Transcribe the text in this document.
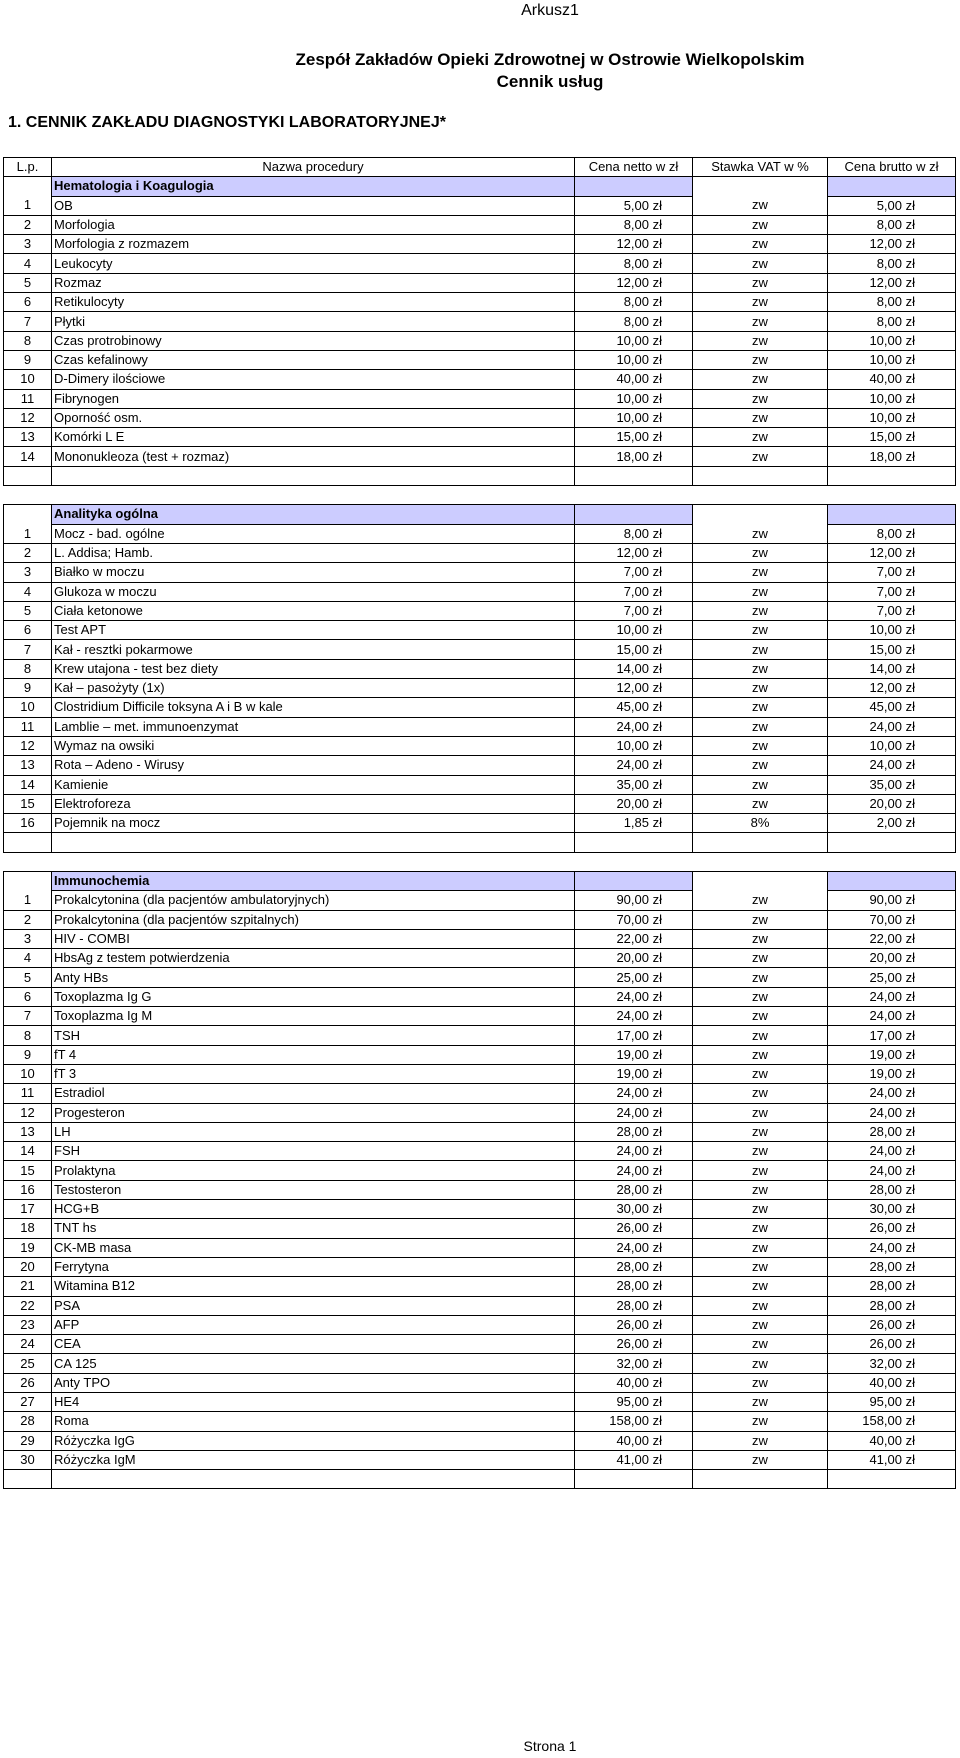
Arkusz1
Zespół Zakładów Opieki Zdrowotnej w Ostrowie Wielkopolskim
Cennik usług
1. CENNIK ZAKŁADU DIAGNOSTYKI LABORATORYJNEJ*
L.p.	Nazwa procedury	Cena netto w zł	Stawka VAT w %	Cena brutto w zł
	Hematologia i Koagulogia			
1	OB	5,00 zł	zw	5,00 zł
2	Morfologia	8,00 zł	zw	8,00 zł
3	Morfologia z rozmazem	12,00 zł	zw	12,00 zł
4	Leukocyty	8,00 zł	zw	8,00 zł
5	Rozmaz	12,00 zł	zw	12,00 zł
6	Retikulocyty	8,00 zł	zw	8,00 zł
7	Płytki	8,00 zł	zw	8,00 zł
8	Czas protrobinowy	10,00 zł	zw	10,00 zł
9	Czas kefalinowy	10,00 zł	zw	10,00 zł
10	D-Dimery ilościowe	40,00 zł	zw	40,00 zł
11	Fibrynogen	10,00 zł	zw	10,00 zł
12	Oporność osm.	10,00 zł	zw	10,00 zł
13	Komórki L E	15,00 zł	zw	15,00 zł
14	Mononukleoza (test + rozmaz)	18,00 zł	zw	18,00 zł

	Analityka ogólna			
1	Mocz - bad. ogólne	8,00 zł	zw	8,00 zł
2	L. Addisa; Hamb.	12,00 zł	zw	12,00 zł
3	Białko w moczu	7,00 zł	zw	7,00 zł
4	Glukoza w moczu	7,00 zł	zw	7,00 zł
5	Ciała ketonowe	7,00 zł	zw	7,00 zł
6	Test APT	10,00 zł	zw	10,00 zł
7	Kał - resztki pokarmowe	15,00 zł	zw	15,00 zł
8	Krew utajona - test bez diety	14,00 zł	zw	14,00 zł
9	Kał – pasożyty (1x)	12,00 zł	zw	12,00 zł
10	Clostridium Difficile toksyna A i B w kale	45,00 zł	zw	45,00 zł
11	Lamblie – met. immunoenzymat	24,00 zł	zw	24,00 zł
12	Wymaz na owsiki	10,00 zł	zw	10,00 zł
13	Rota – Adeno - Wirusy	24,00 zł	zw	24,00 zł
14	Kamienie	35,00 zł	zw	35,00 zł
15	Elektroforeza	20,00 zł	zw	20,00 zł
16	Pojemnik na mocz	1,85 zł	8%	2,00 zł

	Immunochemia			
1	Prokalcytonina (dla pacjentów ambulatoryjnych)	90,00 zł	zw	90,00 zł
2	Prokalcytonina (dla pacjentów szpitalnych)	70,00 zł	zw	70,00 zł
3	HIV - COMBI	22,00 zł	zw	22,00 zł
4	HbsAg z testem potwierdzenia	20,00 zł	zw	20,00 zł
5	Anty HBs	25,00 zł	zw	25,00 zł
6	Toxoplazma Ig G	24,00 zł	zw	24,00 zł
7	Toxoplazma Ig M	24,00 zł	zw	24,00 zł
8	TSH	17,00 zł	zw	17,00 zł
9	fT 4	19,00 zł	zw	19,00 zł
10	fT 3	19,00 zł	zw	19,00 zł
11	Estradiol	24,00 zł	zw	24,00 zł
12	Progesteron	24,00 zł	zw	24,00 zł
13	LH	28,00 zł	zw	28,00 zł
14	FSH	24,00 zł	zw	24,00 zł
15	Prolaktyna	24,00 zł	zw	24,00 zł
16	Testosteron	28,00 zł	zw	28,00 zł
17	HCG+B	30,00 zł	zw	30,00 zł
18	TNT hs	26,00 zł	zw	26,00 zł
19	CK-MB masa	24,00 zł	zw	24,00 zł
20	Ferrytyna	28,00 zł	zw	28,00 zł
21	Witamina B12	28,00 zł	zw	28,00 zł
22	PSA	28,00 zł	zw	28,00 zł
23	AFP	26,00 zł	zw	26,00 zł
24	CEA	26,00 zł	zw	26,00 zł
25	CA 125	32,00 zł	zw	32,00 zł
26	Anty TPO	40,00 zł	zw	40,00 zł
27	HE4	95,00 zł	zw	95,00 zł
28	Roma	158,00 zł	zw	158,00 zł
29	Różyczka IgG	40,00 zł	zw	40,00 zł
30	Różyczka IgM	41,00 zł	zw	41,00 zł

Strona 1
